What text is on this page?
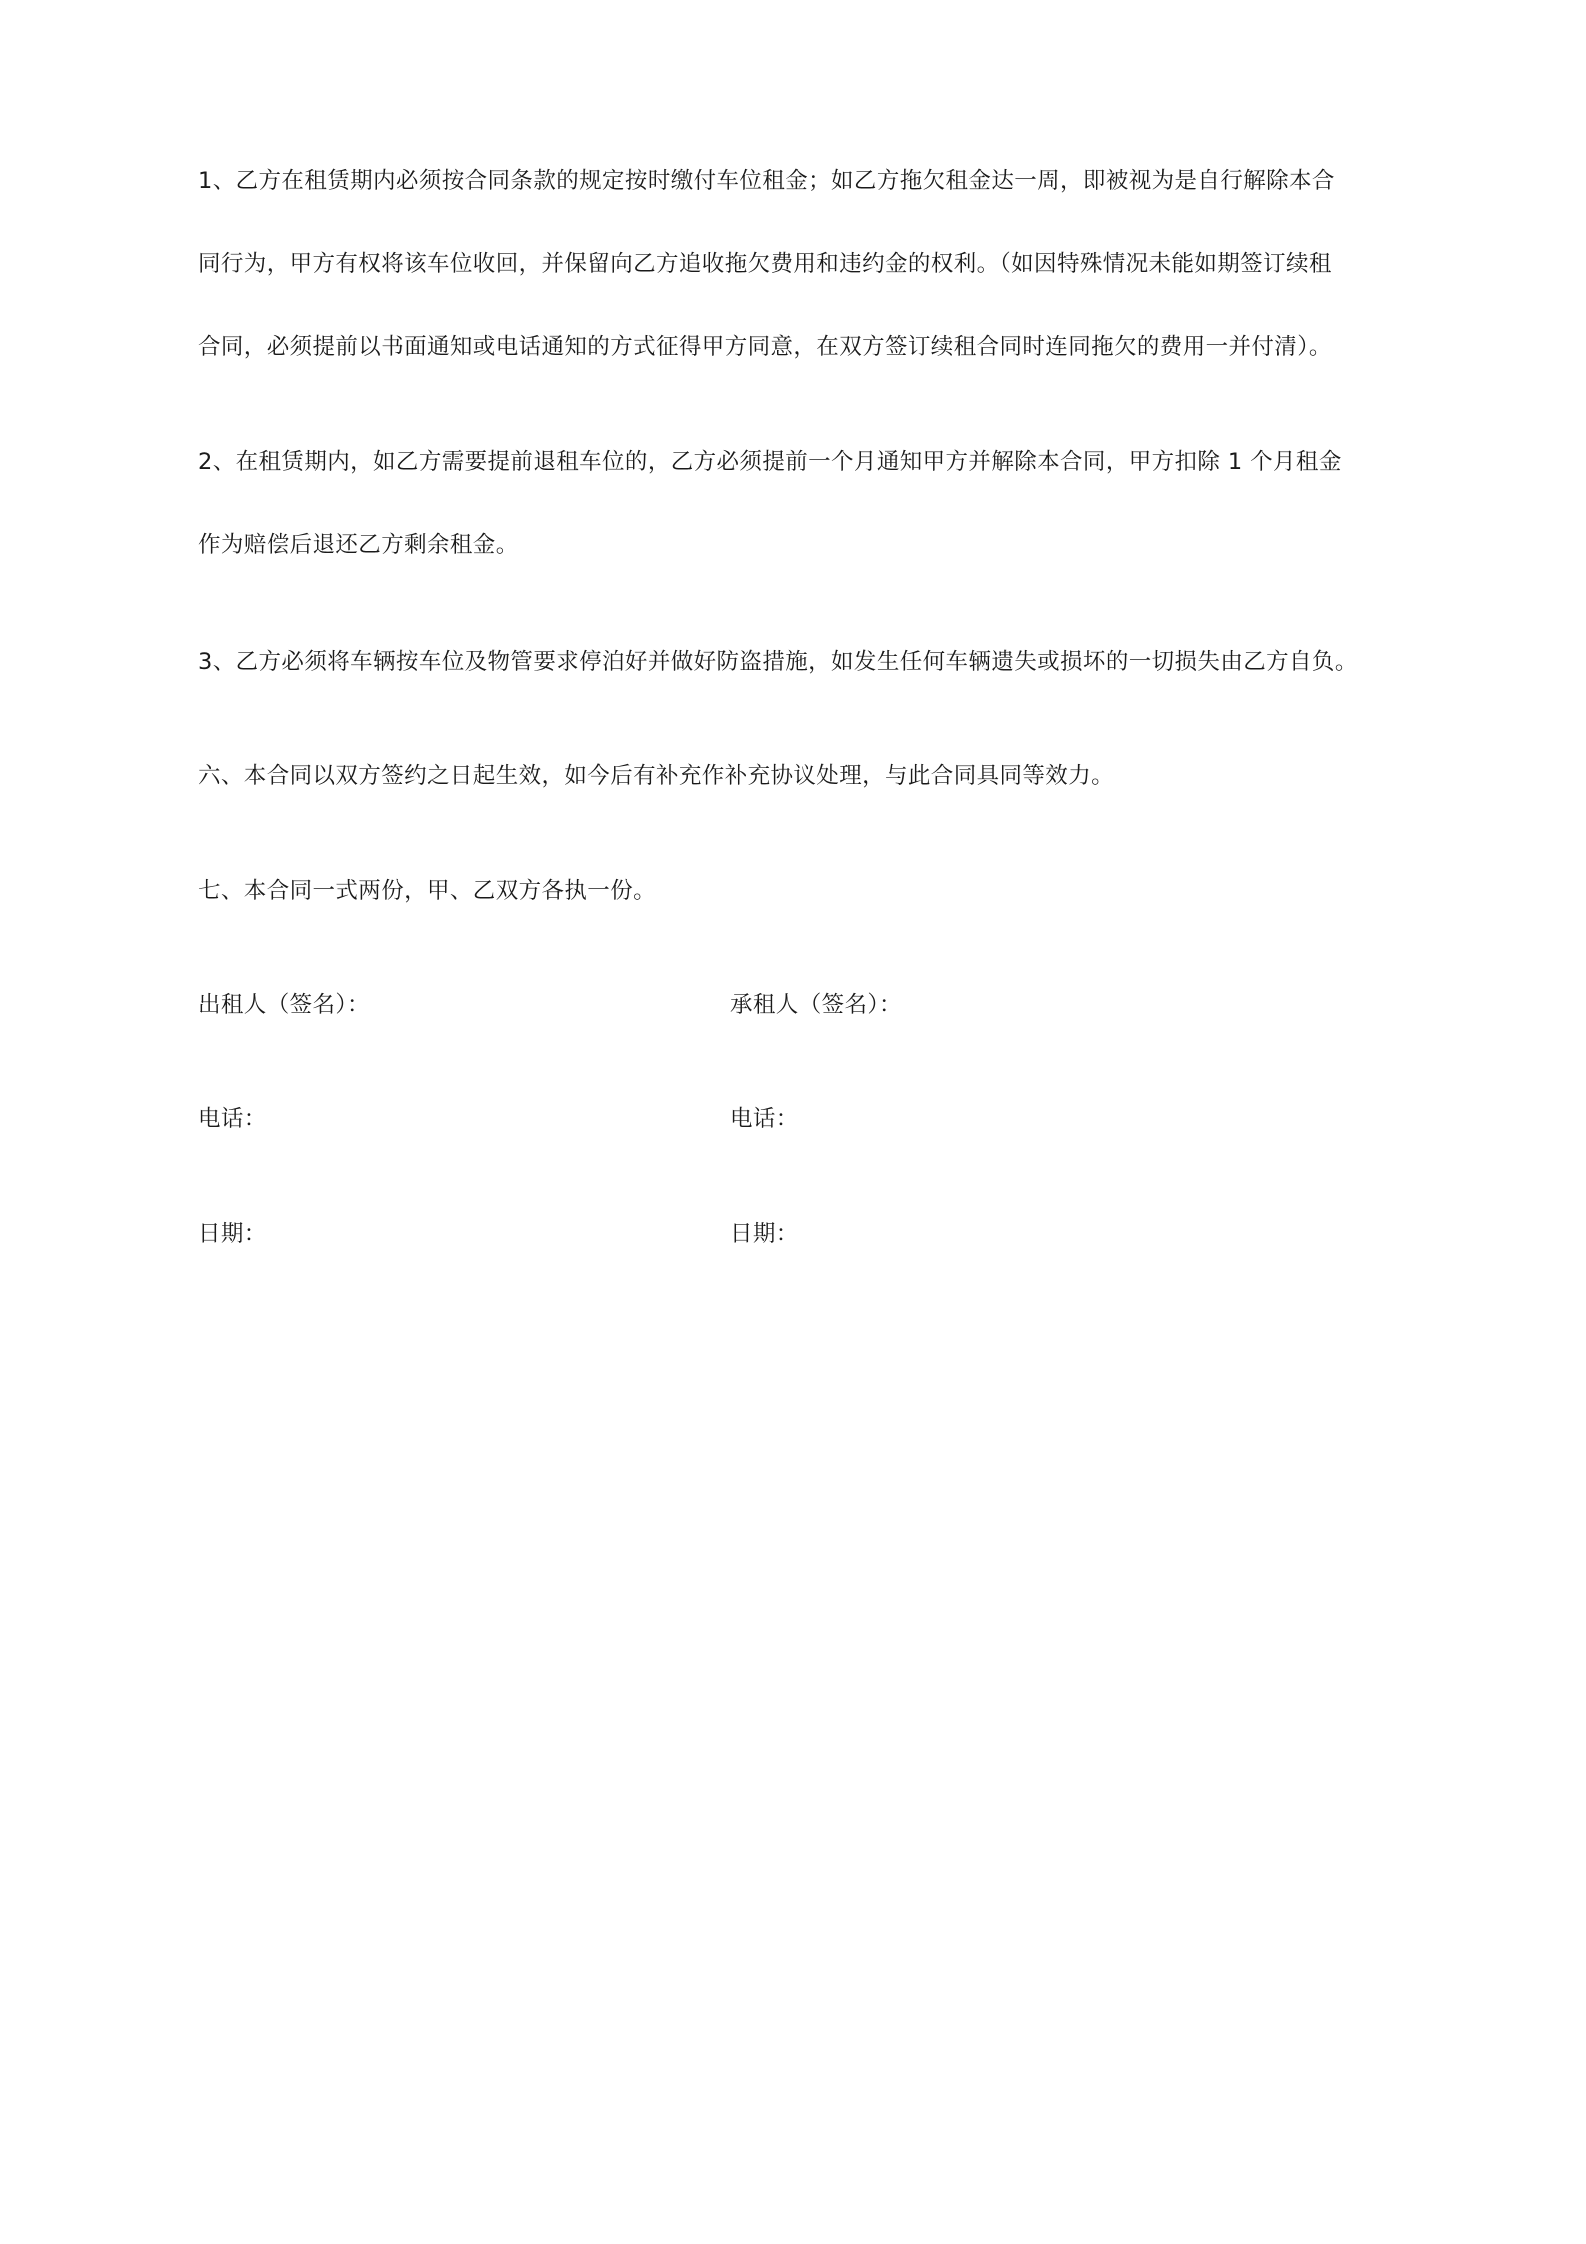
1、乙方在租赁期内必须按合同条款的规定按时缴付车位租金；如乙方拖欠租金达一周，即被视为是自行解除本合
同行为，甲方有权将该车位收回，并保留向乙方追收拖欠费用和违约金的权利。（如因特殊情况未能如期签订续租
合同，必须提前以书面通知或电话通知的方式征得甲方同意，在双方签订续租合同时连同拖欠的费用一并付清）。
2、在租赁期内，如乙方需要提前退租车位的，乙方必须提前一个月通知甲方并解除本合同，甲方扣除 1 个月租金
作为赔偿后退还乙方剩余租金。

3、乙方必须将车辆按车位及物管要求停泊好并做好防盗措施，如发生任何车辆遗失或损坏的一切损失由乙方自负。

六、本合同以双方签约之日起生效，如今后有补充作补充协议处理，与此合同具同等效力。

七、本合同一式两份，甲、乙双方各执一份。

出租人（签名）：	承租人（签名）：

电话：	电话：

日期：	日期：
